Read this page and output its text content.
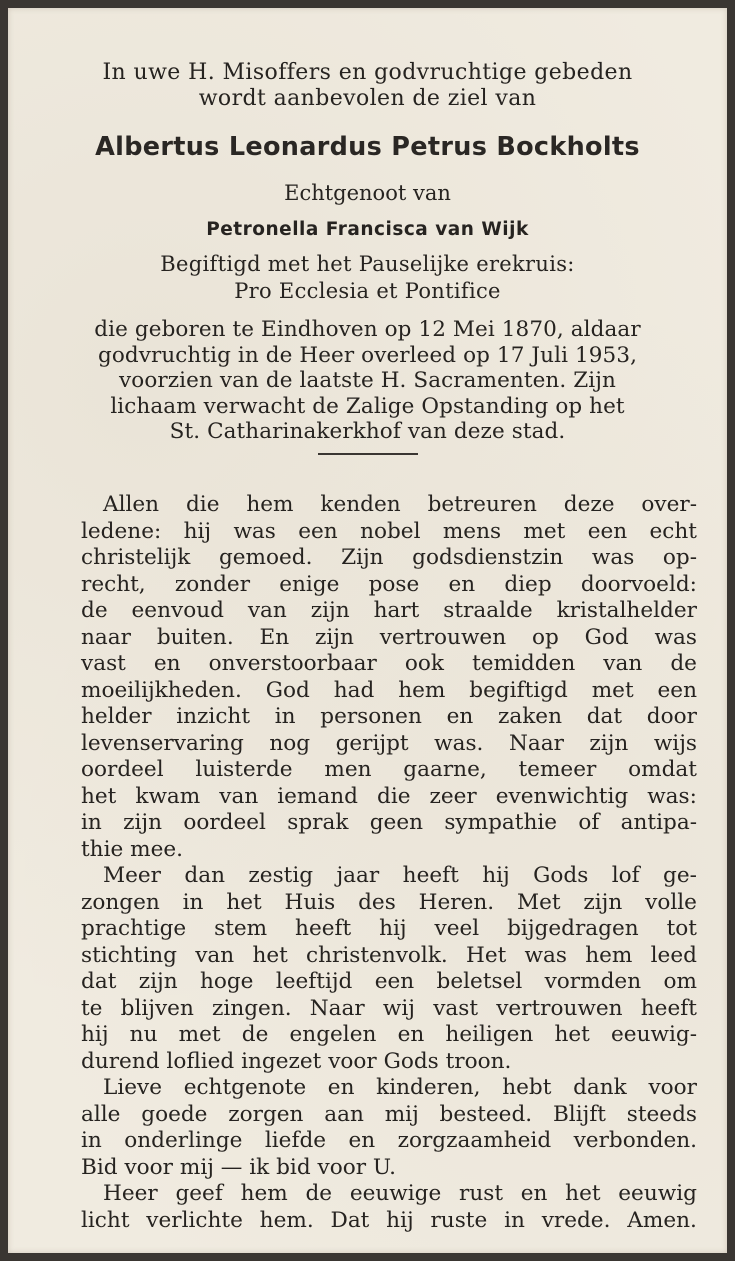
In uwe H. Misoffers en godvruchtige gebeden
wordt aanbevolen de ziel van
Albertus Leonardus Petrus Bockholts
Echtgenoot van
Petronella Francisca van Wijk
Begiftigd met het Pauselijke erekruis:
Pro Ecclesia et Pontifice
die geboren te Eindhoven op 12 Mei 1870, aldaar
godvruchtig in de Heer overleed op 17 Juli 1953,
voorzien van de laatste H. Sacramenten. Zijn
lichaam verwacht de Zalige Opstanding op het
St. Catharinakerkhof van deze stad.
Allen die hem kenden betreuren deze over-
ledene: hij was een nobel mens met een echt
christelijk gemoed. Zijn godsdienstzin was op-
recht, zonder enige pose en diep doorvoeld:
de eenvoud van zijn hart straalde kristalhelder
naar buiten. En zijn vertrouwen op God was
vast en onverstoorbaar ook temidden van de
moeilijkheden. God had hem begiftigd met een
helder inzicht in personen en zaken dat door
levenservaring nog gerijpt was. Naar zijn wijs
oordeel luisterde men gaarne, temeer omdat
het kwam van iemand die zeer evenwichtig was:
in zijn oordeel sprak geen sympathie of antipa-
thie mee.
Meer dan zestig jaar heeft hij Gods lof ge-
zongen in het Huis des Heren. Met zijn volle
prachtige stem heeft hij veel bijgedragen tot
stichting van het christenvolk. Het was hem leed
dat zijn hoge leeftijd een beletsel vormden om
te blijven zingen. Naar wij vast vertrouwen heeft
hij nu met de engelen en heiligen het eeuwig-
durend loflied ingezet voor Gods troon.
Lieve echtgenote en kinderen, hebt dank voor
alle goede zorgen aan mij besteed. Blijft steeds
in onderlinge liefde en zorgzaamheid verbonden.
Bid voor mij — ik bid voor U.
Heer geef hem de eeuwige rust en het eeuwig
licht verlichte hem. Dat hij ruste in vrede. Amen.
